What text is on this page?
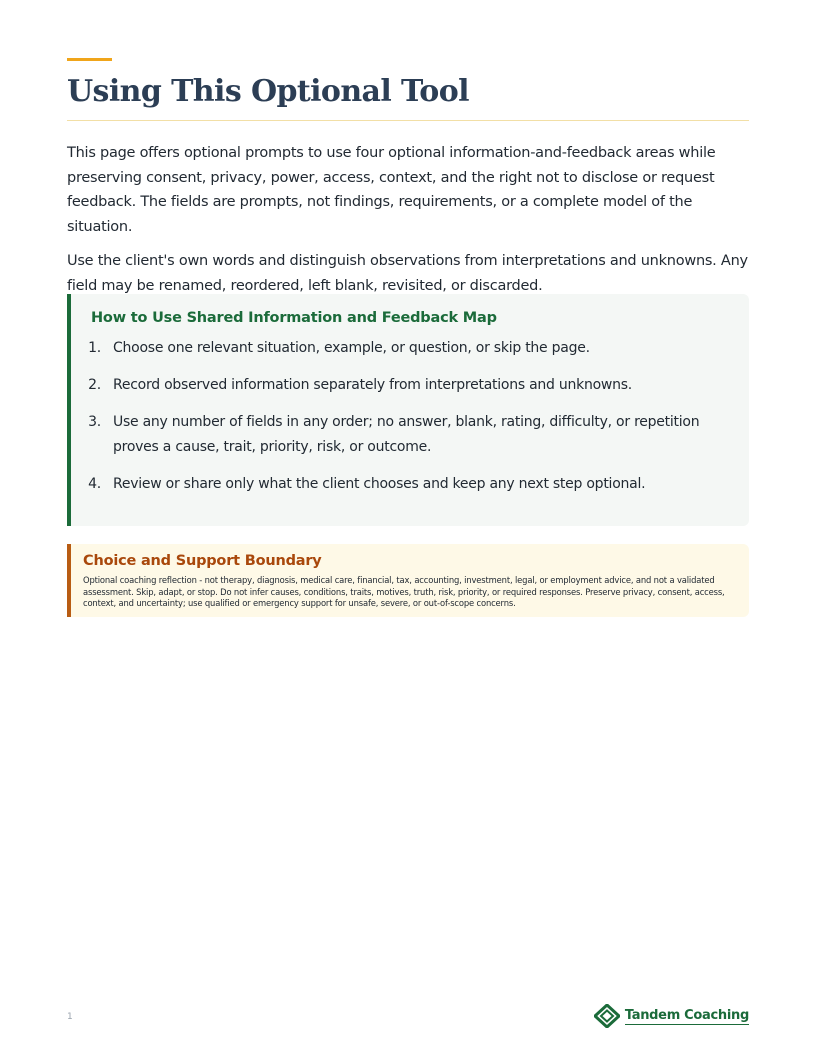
Using This Optional Tool

This page offers optional prompts to use four optional information-and-feedback areas while preserving consent, privacy, power, access, context, and the right not to disclose or request feedback. The fields are prompts, not findings, requirements, or a complete model of the situation.

Use the client's own words and distinguish observations from interpretations and unknowns. Any field may be renamed, reordered, left blank, revisited, or discarded.

How to Use Shared Information and Feedback Map
1. Choose one relevant situation, example, or question, or skip the page.
2. Record observed information separately from interpretations and unknowns.
3. Use any number of fields in any order; no answer, blank, rating, difficulty, or repetition proves a cause, trait, priority, risk, or outcome.
4. Review or share only what the client chooses and keep any next step optional.
Choice and Support Boundary

Optional coaching reflection - not therapy, diagnosis, medical care, financial, tax, accounting, investment, legal, or employment advice, and not a validated assessment. Skip, adapt, or stop. Do not infer causes, conditions, traits, motives, truth, risk, priority, or required responses. Preserve privacy, consent, access, context, and uncertainty; use qualified or emergency support for unsafe, severe, or out-of-scope concerns.

1	Tandem Coaching
